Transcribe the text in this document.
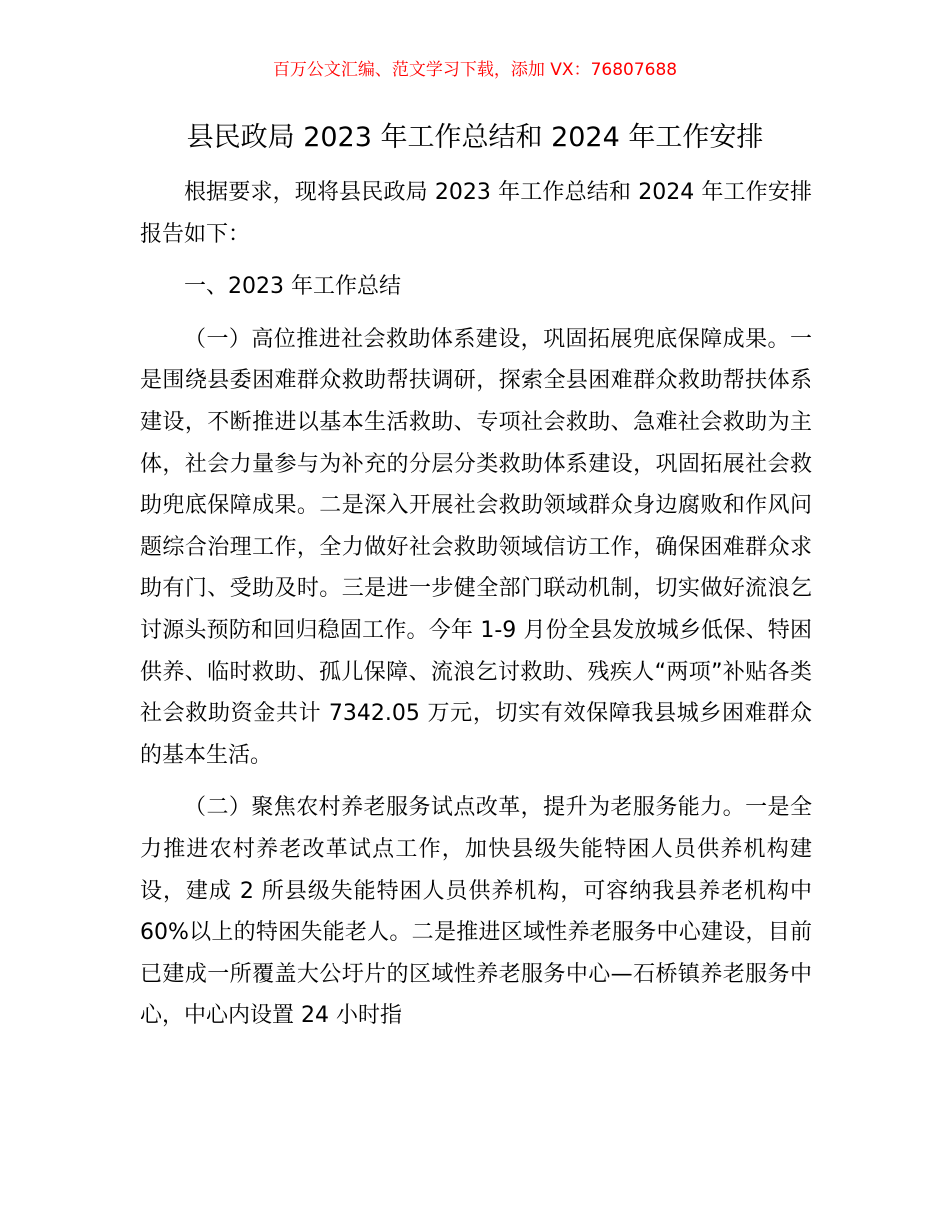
百万公文汇编、范文学习下载，添加 VX：76807688
县民政局 2023 年工作总结和 2024 年工作安排

根据要求，现将县民政局 2023 年工作总结和 2024 年工作安排报告如下：

一、2023 年工作总结

（一）高位推进社会救助体系建设，巩固拓展兜底保障成果。一是围绕县委困难群众救助帮扶调研，探索全县困难群众救助帮扶体系建设，不断推进以基本生活救助、专项社会救助、急难社会救助为主体，社会力量参与为补充的分层分类救助体系建设，巩固拓展社会救助兜底保障成果。二是深入开展社会救助领域群众身边腐败和作风问题综合治理工作，全力做好社会救助领域信访工作，确保困难群众求助有门、受助及时。三是进一步健全部门联动机制，切实做好流浪乞讨源头预防和回归稳固工作。今年 1-9 月份全县发放城乡低保、特困供养、临时救助、孤儿保障、流浪乞讨救助、残疾人“两项”补贴各类社会救助资金共计 7342.05 万元，切实有效保障我县城乡困难群众的基本生活。

（二）聚焦农村养老服务试点改革，提升为老服务能力。一是全力推进农村养老改革试点工作，加快县级失能特困人员供养机构建设，建成 2 所县级失能特困人员供养机构，可容纳我县养老机构中 60%以上的特困失能老人。二是推进区域性养老服务中心建设，目前已建成一所覆盖大公圩片的区域性养老服务中心—石桥镇养老服务中心，中心内设置 24 小时指
